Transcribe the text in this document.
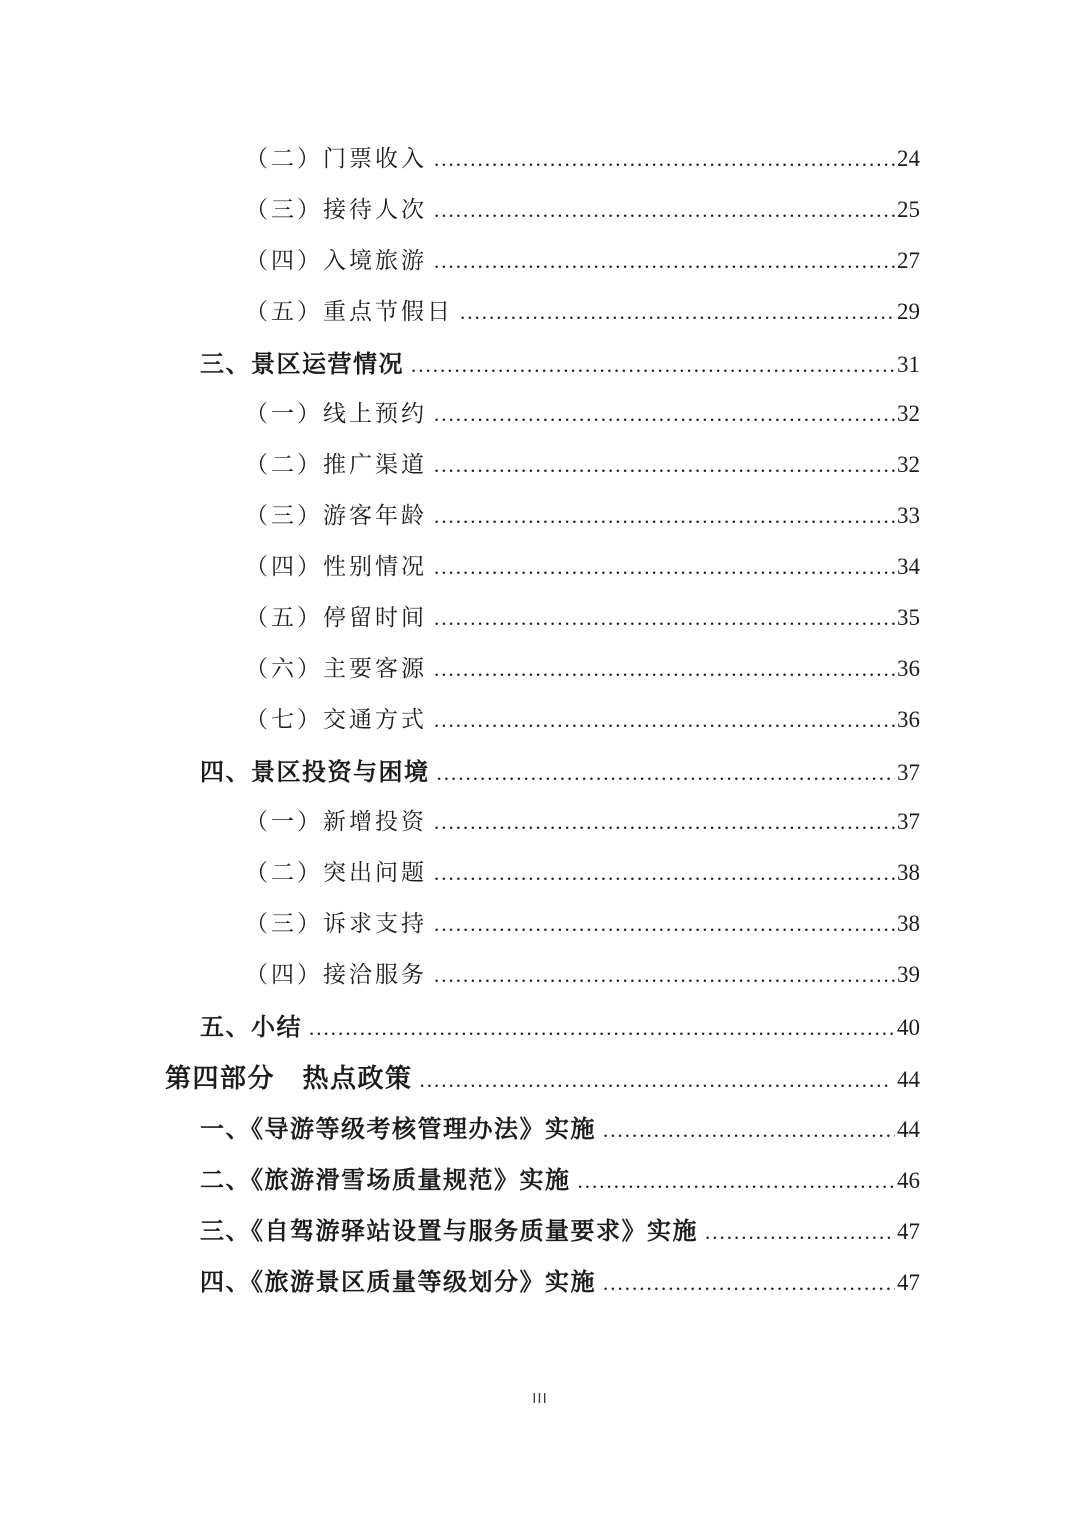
（二）门票收入 .....	24
（三）接待人次 .....	25
（四）入境旅游 .....	27
（五）重点节假日 .....	29
三、景区运营情况 .....	31
（一）线上预约 .....	32
（二）推广渠道 .....	32
（三）游客年龄 .....	33
（四）性别情况 .....	34
（五）停留时间 .....	35
（六）主要客源 .....	36
（七）交通方式 .....	36
四、景区投资与困境 .....	37
（一）新增投资 .....	37
（二）突出问题 .....	38
（三）诉求支持 .....	38
（四）接洽服务 .....	39
五、小结 .....	40
第四部分　热点政策 .....	44
一、《导游等级考核管理办法》实施 .....	44
二、《旅游滑雪场质量规范》实施 .....	46
三、《自驾游驿站设置与服务质量要求》实施 .....	47
四、《旅游景区质量等级划分》实施 .....	47
III
